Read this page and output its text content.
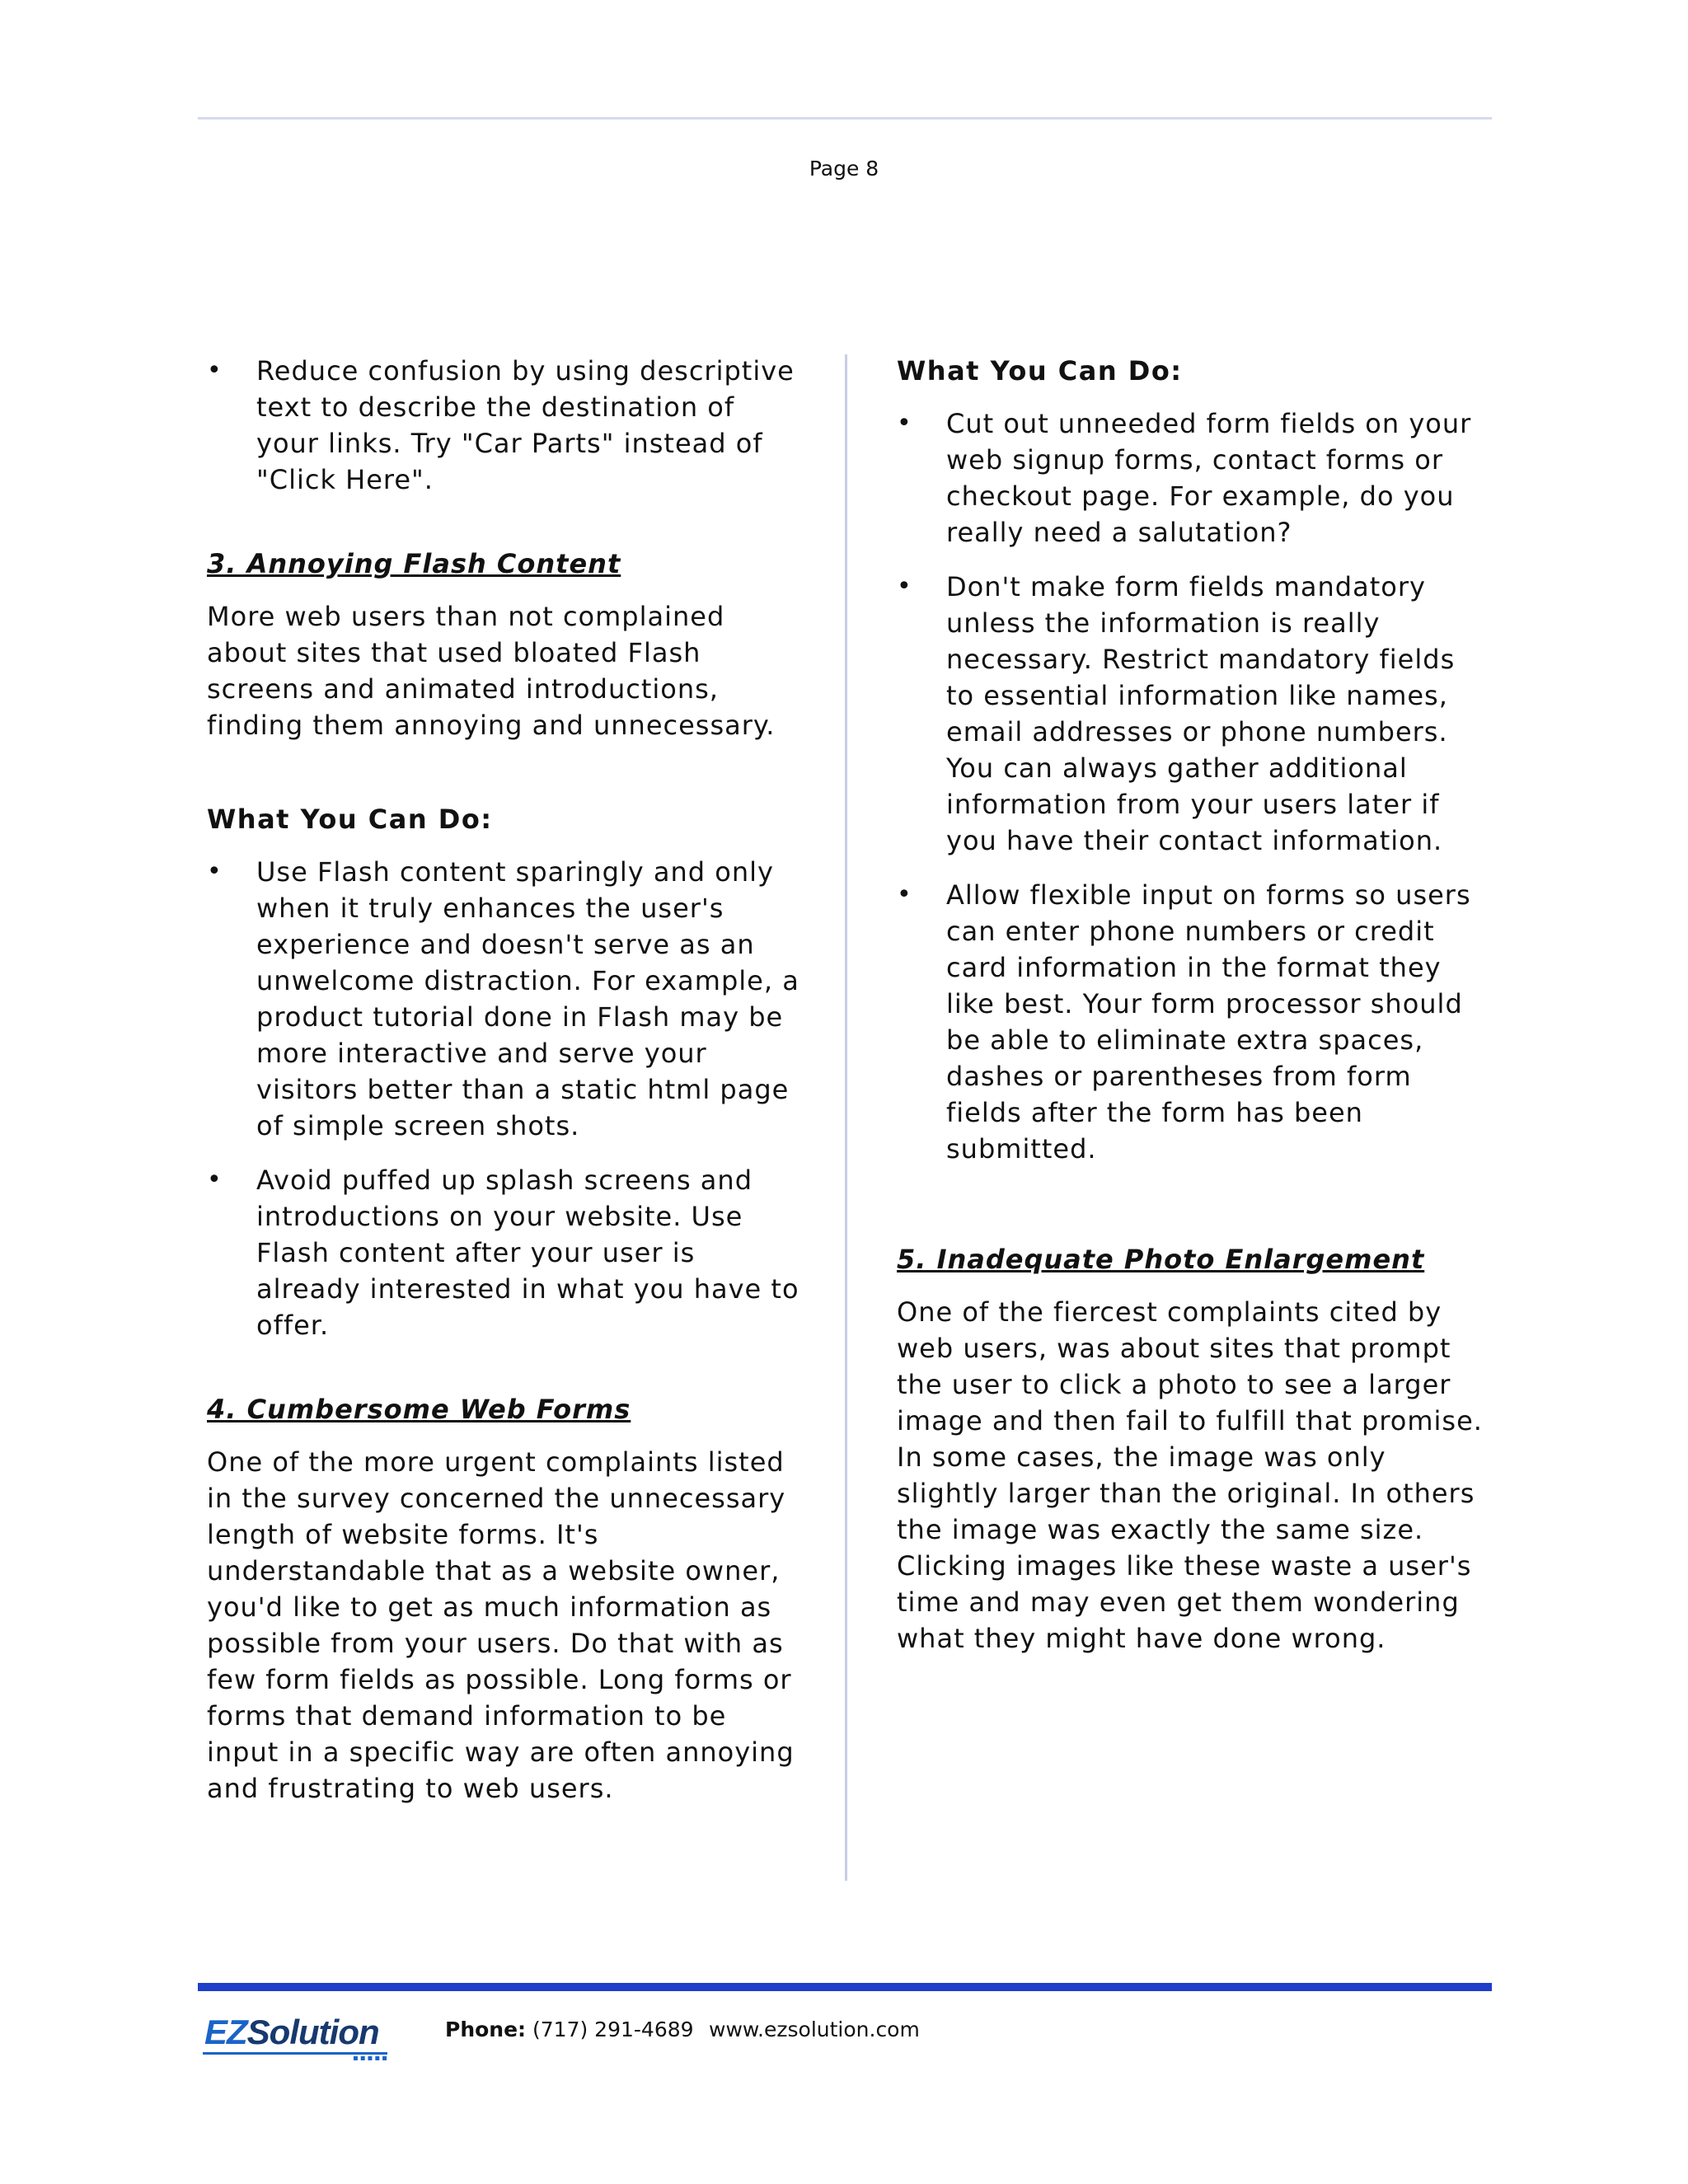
Page 8
•	Reduce confusion by using descriptive text to describe the destination of your links. Try "Car Parts" instead of "Click Here".
3. Annoying Flash Content

More web users than not complained about sites that used bloated Flash screens and animated introductions, finding them annoying and unnecessary.

What You Can Do:
•	Use Flash content sparingly and only when it truly enhances the user's experience and doesn't serve as an unwelcome distraction. For example, a product tutorial done in Flash may be more interactive and serve your visitors better than a static html page of simple screen shots.
•	Avoid puffed up splash screens and introductions on your website. Use Flash content after your user is already interested in what you have to offer.
4. Cumbersome Web Forms

One of the more urgent complaints listed in the survey concerned the unnecessary length of website forms. It's understandable that as a website owner, you'd like to get as much information as possible from your users. Do that with as few form fields as possible. Long forms or forms that demand information to be input in a specific way are often annoying and frustrating to web users.

What You Can Do:
•	Cut out unneeded form fields on your web signup forms, contact forms or checkout page. For example, do you really need a salutation?
•	Don't make form fields mandatory unless the information is really necessary. Restrict mandatory fields to essential information like names, email addresses or phone numbers. You can always gather additional information from your users later if you have their contact information.
•	Allow flexible input on forms so users can enter phone numbers or credit card information in the format they like best. Your form processor should be able to eliminate extra spaces, dashes or parentheses from form fields after the form has been submitted.
5. Inadequate Photo Enlargement

One of the fiercest complaints cited by web users, was about sites that prompt the user to click a photo to see a larger image and then fail to fulfill that promise. In some cases, the image was only slightly larger than the original. In others the image was exactly the same size. Clicking images like these waste a user's time and may even get them wondering what they might have done wrong.

EZSolution
▪▪▪▪▪
Phone: (717) 291-4689 www.ezsolution.com
